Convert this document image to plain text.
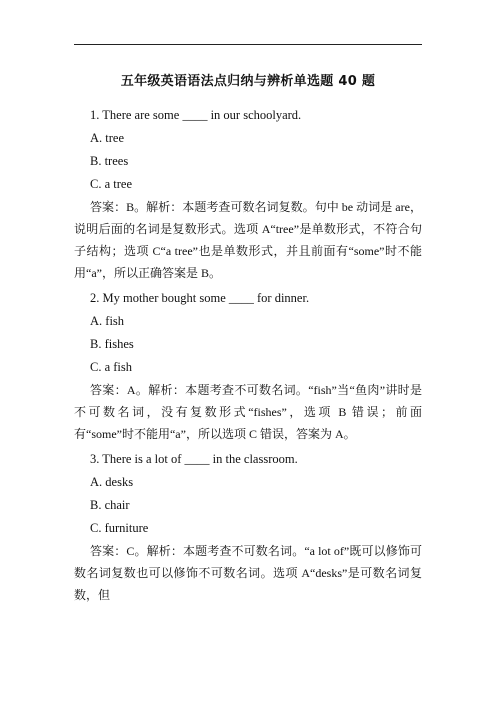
五年级英语语法点归纳与辨析单选题 40 题

1. There are some ____ in our schoolyard.

A. tree

B. trees

C. a tree

答案：B。解析：本题考查可数名词复数。句中 be 动词是 are，说明后面的名词是复数形式。选项 A“tree”是单数形式，不符合句子结构；选项 C“a tree”也是单数形式，并且前面有“some”时不能用“a”，所以正确答案是 B。

2. My mother bought some ____ for dinner.

A. fish

B. fishes

C. a fish

答案：A。解析：本题考查不可数名词。“fish”当“鱼肉”讲时是不可数名词，没有复数形式“fishes”，选项 B 错误；前面有“some”时不能用“a”，所以选项 C 错误，答案为 A。

3. There is a lot of ____ in the classroom.

A. desks

B. chair

C. furniture

答案：C。解析：本题考查不可数名词。“a lot of”既可以修饰可数名词复数也可以修饰不可数名词。选项 A“desks”是可数名词复数，但
